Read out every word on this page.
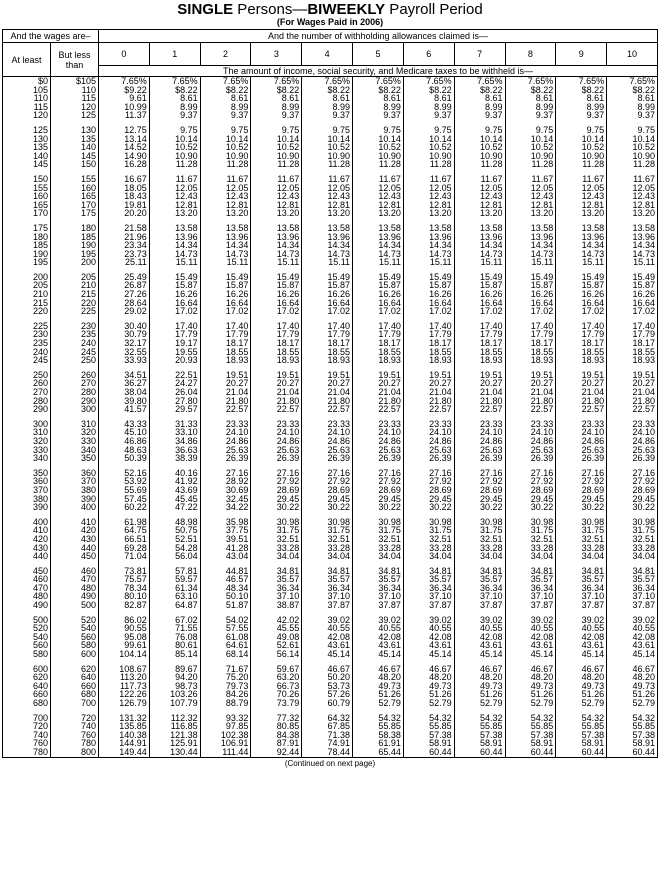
SINGLE Persons—BIWEEKLY Payroll Period
(For Wages Paid in 2006)
And the wages are–		And the number of withholding allowances claimed is—										
At least	But less than	0	1	2	3	4	5	6	7	8	9	10
		The amount of income, social security, and Medicare taxes to be withheld is—										
$0	$105	7.65%	7.65%	7.65%	7.65%	7.65%	7.65%	7.65%	7.65%	7.65%	7.65%	7.65%
105	110	$9.22	$8.22	$8.22	$8.22	$8.22	$8.22	$8.22	$8.22	$8.22	$8.22	$8.22
110	115	9.61	8.61	8.61	8.61	8.61	8.61	8.61	8.61	8.61	8.61	8.61
115	120	10.99	8.99	8.99	8.99	8.99	8.99	8.99	8.99	8.99	8.99	8.99
120	125	11.37	9.37	9.37	9.37	9.37	9.37	9.37	9.37	9.37	9.37	9.37

125	130	12.75	9.75	9.75	9.75	9.75	9.75	9.75	9.75	9.75	9.75	9.75
130	135	13.14	10.14	10.14	10.14	10.14	10.14	10.14	10.14	10.14	10.14	10.14
135	140	14.52	10.52	10.52	10.52	10.52	10.52	10.52	10.52	10.52	10.52	10.52
140	145	14.90	10.90	10.90	10.90	10.90	10.90	10.90	10.90	10.90	10.90	10.90
145	150	16.28	11.28	11.28	11.28	11.28	11.28	11.28	11.28	11.28	11.28	11.28

150	155	16.67	11.67	11.67	11.67	11.67	11.67	11.67	11.67	11.67	11.67	11.67
155	160	18.05	12.05	12.05	12.05	12.05	12.05	12.05	12.05	12.05	12.05	12.05
160	165	18.43	12.43	12.43	12.43	12.43	12.43	12.43	12.43	12.43	12.43	12.43
165	170	19.81	12.81	12.81	12.81	12.81	12.81	12.81	12.81	12.81	12.81	12.81
170	175	20.20	13.20	13.20	13.20	13.20	13.20	13.20	13.20	13.20	13.20	13.20

175	180	21.58	13.58	13.58	13.58	13.58	13.58	13.58	13.58	13.58	13.58	13.58
180	185	21.96	13.96	13.96	13.96	13.96	13.96	13.96	13.96	13.96	13.96	13.96
185	190	23.34	14.34	14.34	14.34	14.34	14.34	14.34	14.34	14.34	14.34	14.34
190	195	23.73	14.73	14.73	14.73	14.73	14.73	14.73	14.73	14.73	14.73	14.73
195	200	25.11	15.11	15.11	15.11	15.11	15.11	15.11	15.11	15.11	15.11	15.11

200	205	25.49	15.49	15.49	15.49	15.49	15.49	15.49	15.49	15.49	15.49	15.49
205	210	26.87	15.87	15.87	15.87	15.87	15.87	15.87	15.87	15.87	15.87	15.87
210	215	27.26	16.26	16.26	16.26	16.26	16.26	16.26	16.26	16.26	16.26	16.26
215	220	28.64	16.64	16.64	16.64	16.64	16.64	16.64	16.64	16.64	16.64	16.64
220	225	29.02	17.02	17.02	17.02	17.02	17.02	17.02	17.02	17.02	17.02	17.02

225	230	30.40	17.40	17.40	17.40	17.40	17.40	17.40	17.40	17.40	17.40	17.40
230	235	30.79	17.79	17.79	17.79	17.79	17.79	17.79	17.79	17.79	17.79	17.79
235	240	32.17	19.17	18.17	18.17	18.17	18.17	18.17	18.17	18.17	18.17	18.17
240	245	32.55	19.55	18.55	18.55	18.55	18.55	18.55	18.55	18.55	18.55	18.55
245	250	33.93	20.93	18.93	18.93	18.93	18.93	18.93	18.93	18.93	18.93	18.93

250	260	34.51	22.51	19.51	19.51	19.51	19.51	19.51	19.51	19.51	19.51	19.51
260	270	36.27	24.27	20.27	20.27	20.27	20.27	20.27	20.27	20.27	20.27	20.27
270	280	38.04	26.04	21.04	21.04	21.04	21.04	21.04	21.04	21.04	21.04	21.04
280	290	39.80	27.80	21.80	21.80	21.80	21.80	21.80	21.80	21.80	21.80	21.80
290	300	41.57	29.57	22.57	22.57	22.57	22.57	22.57	22.57	22.57	22.57	22.57

300	310	43.33	31.33	23.33	23.33	23.33	23.33	23.33	23.33	23.33	23.33	23.33
310	320	45.10	33.10	24.10	24.10	24.10	24.10	24.10	24.10	24.10	24.10	24.10
320	330	46.86	34.86	24.86	24.86	24.86	24.86	24.86	24.86	24.86	24.86	24.86
330	340	48.63	36.63	25.63	25.63	25.63	25.63	25.63	25.63	25.63	25.63	25.63
340	350	50.39	38.39	26.39	26.39	26.39	26.39	26.39	26.39	26.39	26.39	26.39

350	360	52.16	40.16	27.16	27.16	27.16	27.16	27.16	27.16	27.16	27.16	27.16
360	370	53.92	41.92	28.92	27.92	27.92	27.92	27.92	27.92	27.92	27.92	27.92
370	380	55.69	43.69	30.69	28.69	28.69	28.69	28.69	28.69	28.69	28.69	28.69
380	390	57.45	45.45	32.45	29.45	29.45	29.45	29.45	29.45	29.45	29.45	29.45
390	400	60.22	47.22	34.22	30.22	30.22	30.22	30.22	30.22	30.22	30.22	30.22

400	410	61.98	48.98	35.98	30.98	30.98	30.98	30.98	30.98	30.98	30.98	30.98
410	420	64.75	50.75	37.75	31.75	31.75	31.75	31.75	31.75	31.75	31.75	31.75
420	430	66.51	52.51	39.51	32.51	32.51	32.51	32.51	32.51	32.51	32.51	32.51
430	440	69.28	54.28	41.28	33.28	33.28	33.28	33.28	33.28	33.28	33.28	33.28
440	450	71.04	56.04	43.04	34.04	34.04	34.04	34.04	34.04	34.04	34.04	34.04

450	460	73.81	57.81	44.81	34.81	34.81	34.81	34.81	34.81	34.81	34.81	34.81
460	470	75.57	59.57	46.57	35.57	35.57	35.57	35.57	35.57	35.57	35.57	35.57
470	480	78.34	61.34	48.34	36.34	36.34	36.34	36.34	36.34	36.34	36.34	36.34
480	490	80.10	63.10	50.10	37.10	37.10	37.10	37.10	37.10	37.10	37.10	37.10
490	500	82.87	64.87	51.87	38.87	37.87	37.87	37.87	37.87	37.87	37.87	37.87

500	520	86.02	67.02	54.02	42.02	39.02	39.02	39.02	39.02	39.02	39.02	39.02
520	540	90.55	71.55	57.55	45.55	40.55	40.55	40.55	40.55	40.55	40.55	40.55
540	560	95.08	76.08	61.08	49.08	42.08	42.08	42.08	42.08	42.08	42.08	42.08
560	580	99.61	80.61	64.61	52.61	43.61	43.61	43.61	43.61	43.61	43.61	43.61
580	600	104.14	85.14	68.14	56.14	45.14	45.14	45.14	45.14	45.14	45.14	45.14

600	620	108.67	89.67	71.67	59.67	46.67	46.67	46.67	46.67	46.67	46.67	46.67
620	640	113.20	94.20	75.20	63.20	50.20	48.20	48.20	48.20	48.20	48.20	48.20
640	660	117.73	98.73	79.73	66.73	53.73	49.73	49.73	49.73	49.73	49.73	49.73
660	680	122.26	103.26	84.26	70.26	57.26	51.26	51.26	51.26	51.26	51.26	51.26
680	700	126.79	107.79	88.79	73.79	60.79	52.79	52.79	52.79	52.79	52.79	52.79

700	720	131.32	112.32	93.32	77.32	64.32	54.32	54.32	54.32	54.32	54.32	54.32
720	740	135.85	116.85	97.85	80.85	67.85	55.85	55.85	55.85	55.85	55.85	55.85
740	760	140.38	121.38	102.38	84.38	71.38	58.38	57.38	57.38	57.38	57.38	57.38
760	780	144.91	125.91	106.91	87.91	74.91	61.91	58.91	58.91	58.91	58.91	58.91
780	800	149.44	130.44	111.44	92.44	78.44	65.44	60.44	60.44	60.44	60.44	60.44
(Continued on next page)
